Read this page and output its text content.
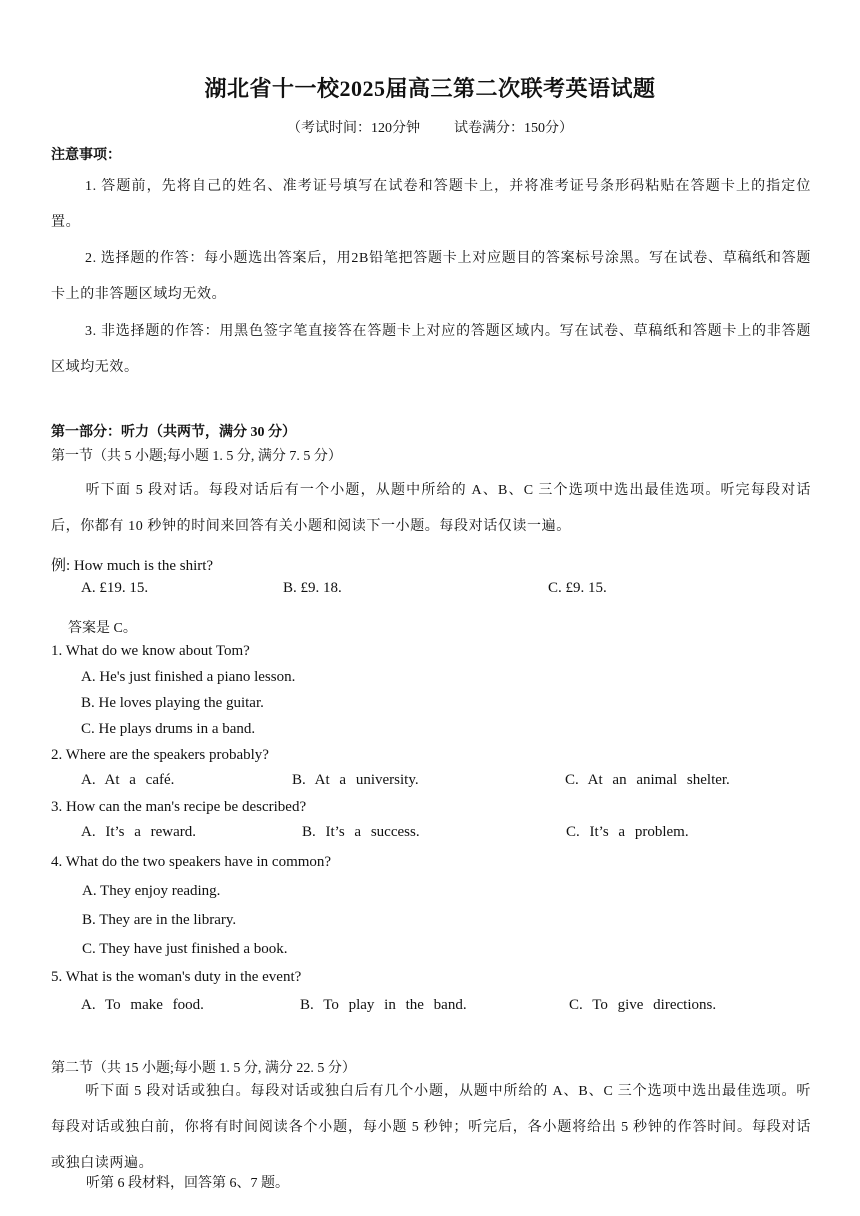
湖北省十一校2025届高三第二次联考英语试题
（考试时间：120分钟 试卷满分：150分）
注意事项：
1. 答题前，先将自己的姓名、准考证号填写在试卷和答题卡上，并将准考证号条形码粘贴在答题卡上的指定位置。
2. 选择题的作答：每小题选出答案后，用2B铅笔把答题卡上对应题目的答案标号涂黑。写在试卷、草稿纸和答题卡上的非答题区域均无效。
3. 非选择题的作答：用黑色签字笔直接答在答题卡上对应的答题区域内。写在试卷、草稿纸和答题卡上的非答题区域均无效。
第一部分：听力（共两节，满分 30 分）
第一节（共 5 小题;每小题 1. 5 分, 满分 7. 5 分）
听下面 5 段对话。每段对话后有一个小题，从题中所给的 A、B、C 三个选项中选出最佳选项。听完每段对话后，你都有 10 秒钟的时间来回答有关小题和阅读下一小题。每段对话仅读一遍。
例: How much is the shirt?
A. £19. 15.	B. £9. 18.	C. £9. 15.
答案是 C。
1. What do we know about Tom?
A. He's just finished a piano lesson.
B. He loves playing the guitar.
C. He plays drums in a band.
2. Where are the speakers probably?
A. At a café.	B. At a university.	C. At an animal shelter.
3. How can the man's recipe be described?
A. It’s a reward.	B. It’s a success.	C. It’s a problem.
4. What do the two speakers have in common?
A. They enjoy reading.
B. They are in the library.
C. They have just finished a book.
5. What is the woman's duty in the event?
A. To make food.	B. To play in the band.	C. To give directions.
第二节（共 15 小题;每小题 1. 5 分, 满分 22. 5 分）
听下面 5 段对话或独白。每段对话或独白后有几个小题，从题中所给的 A、B、C 三个选项中选出最佳选项。听每段对话或独白前，你将有时间阅读各个小题，每小题 5 秒钟；听完后，各小题将给出 5 秒钟的作答时间。每段对话或独白读两遍。
听第 6 段材料，回答第 6、7 题。
